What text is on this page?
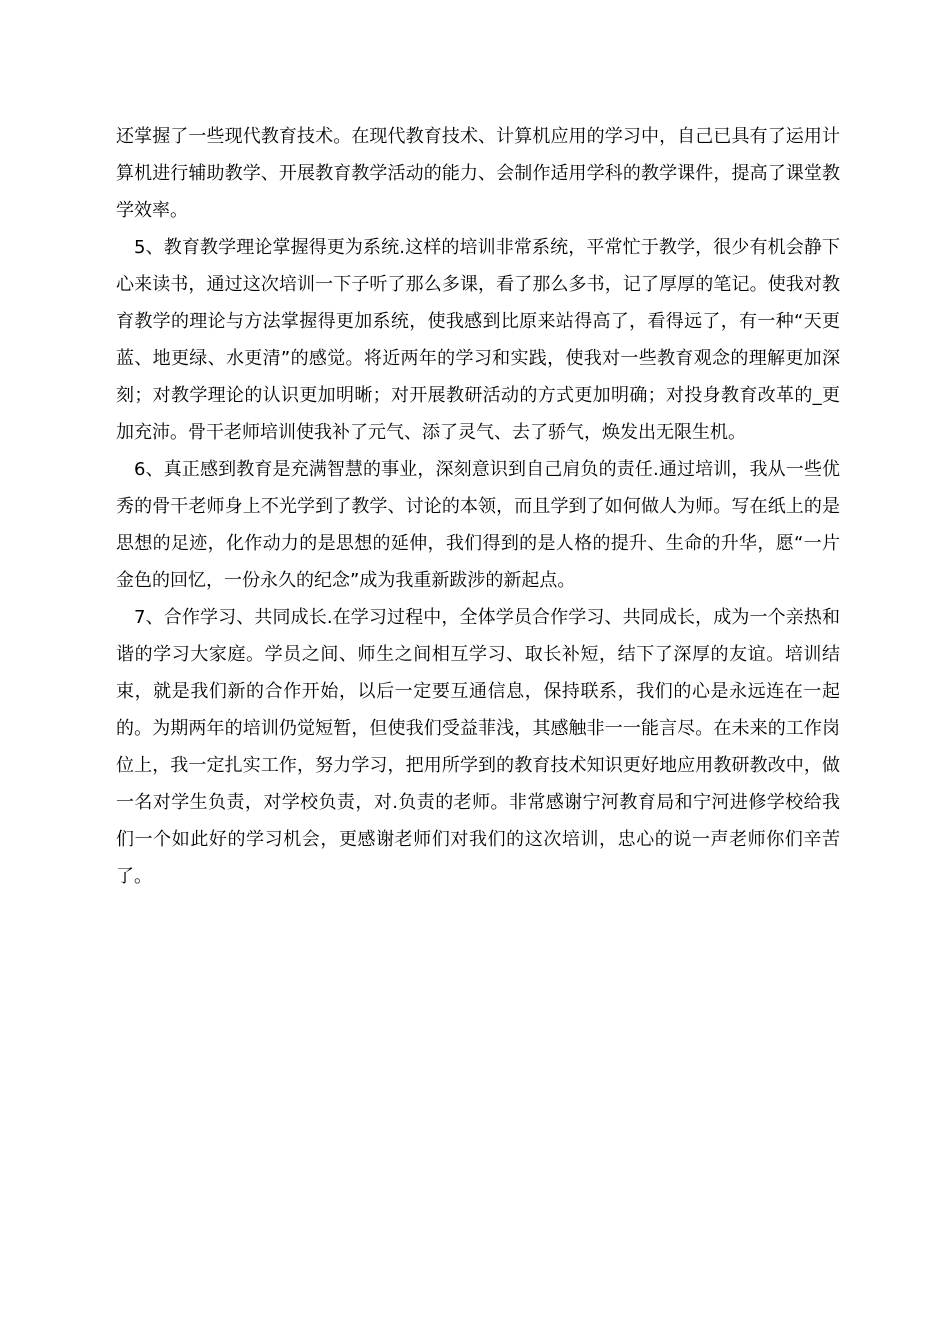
还掌握了一些现代教育技术。在现代教育技术、计算机应用的学习中，自己已具有了运用计算机进行辅助教学、开展教育教学活动的能力、会制作适用学科的教学课件，提高了课堂教学效率。

5、教育教学理论掌握得更为系统.这样的培训非常系统，平常忙于教学，很少有机会静下心来读书，通过这次培训一下子听了那么多课，看了那么多书，记了厚厚的笔记。使我对教育教学的理论与方法掌握得更加系统，使我感到比原来站得高了，看得远了，有一种“天更蓝、地更绿、水更清”的感觉。将近两年的学习和实践，使我对一些教育观念的理解更加深刻；对教学理论的认识更加明晰；对开展教研活动的方式更加明确；对投身教育改革的_更加充沛。骨干老师培训使我补了元气、添了灵气、去了骄气，焕发出无限生机。

6、真正感到教育是充满智慧的事业，深刻意识到自己肩负的责任.通过培训，我从一些优秀的骨干老师身上不光学到了教学、讨论的本领，而且学到了如何做人为师。写在纸上的是思想的足迹，化作动力的是思想的延伸，我们得到的是人格的提升、生命的升华，愿“一片金色的回忆，一份永久的纪念”成为我重新跋涉的新起点。

7、合作学习、共同成长.在学习过程中，全体学员合作学习、共同成长，成为一个亲热和谐的学习大家庭。学员之间、师生之间相互学习、取长补短，结下了深厚的友谊。培训结束，就是我们新的合作开始，以后一定要互通信息，保持联系，我们的心是永远连在一起的。为期两年的培训仍觉短暂，但使我们受益菲浅，其感触非一一能言尽。在未来的工作岗位上，我一定扎实工作，努力学习，把用所学到的教育技术知识更好地应用教研教改中，做一名对学生负责，对学校负责，对.负责的老师。非常感谢宁河教育局和宁河进修学校给我们一个如此好的学习机会，更感谢老师们对我们的这次培训，忠心的说一声老师你们辛苦了。
